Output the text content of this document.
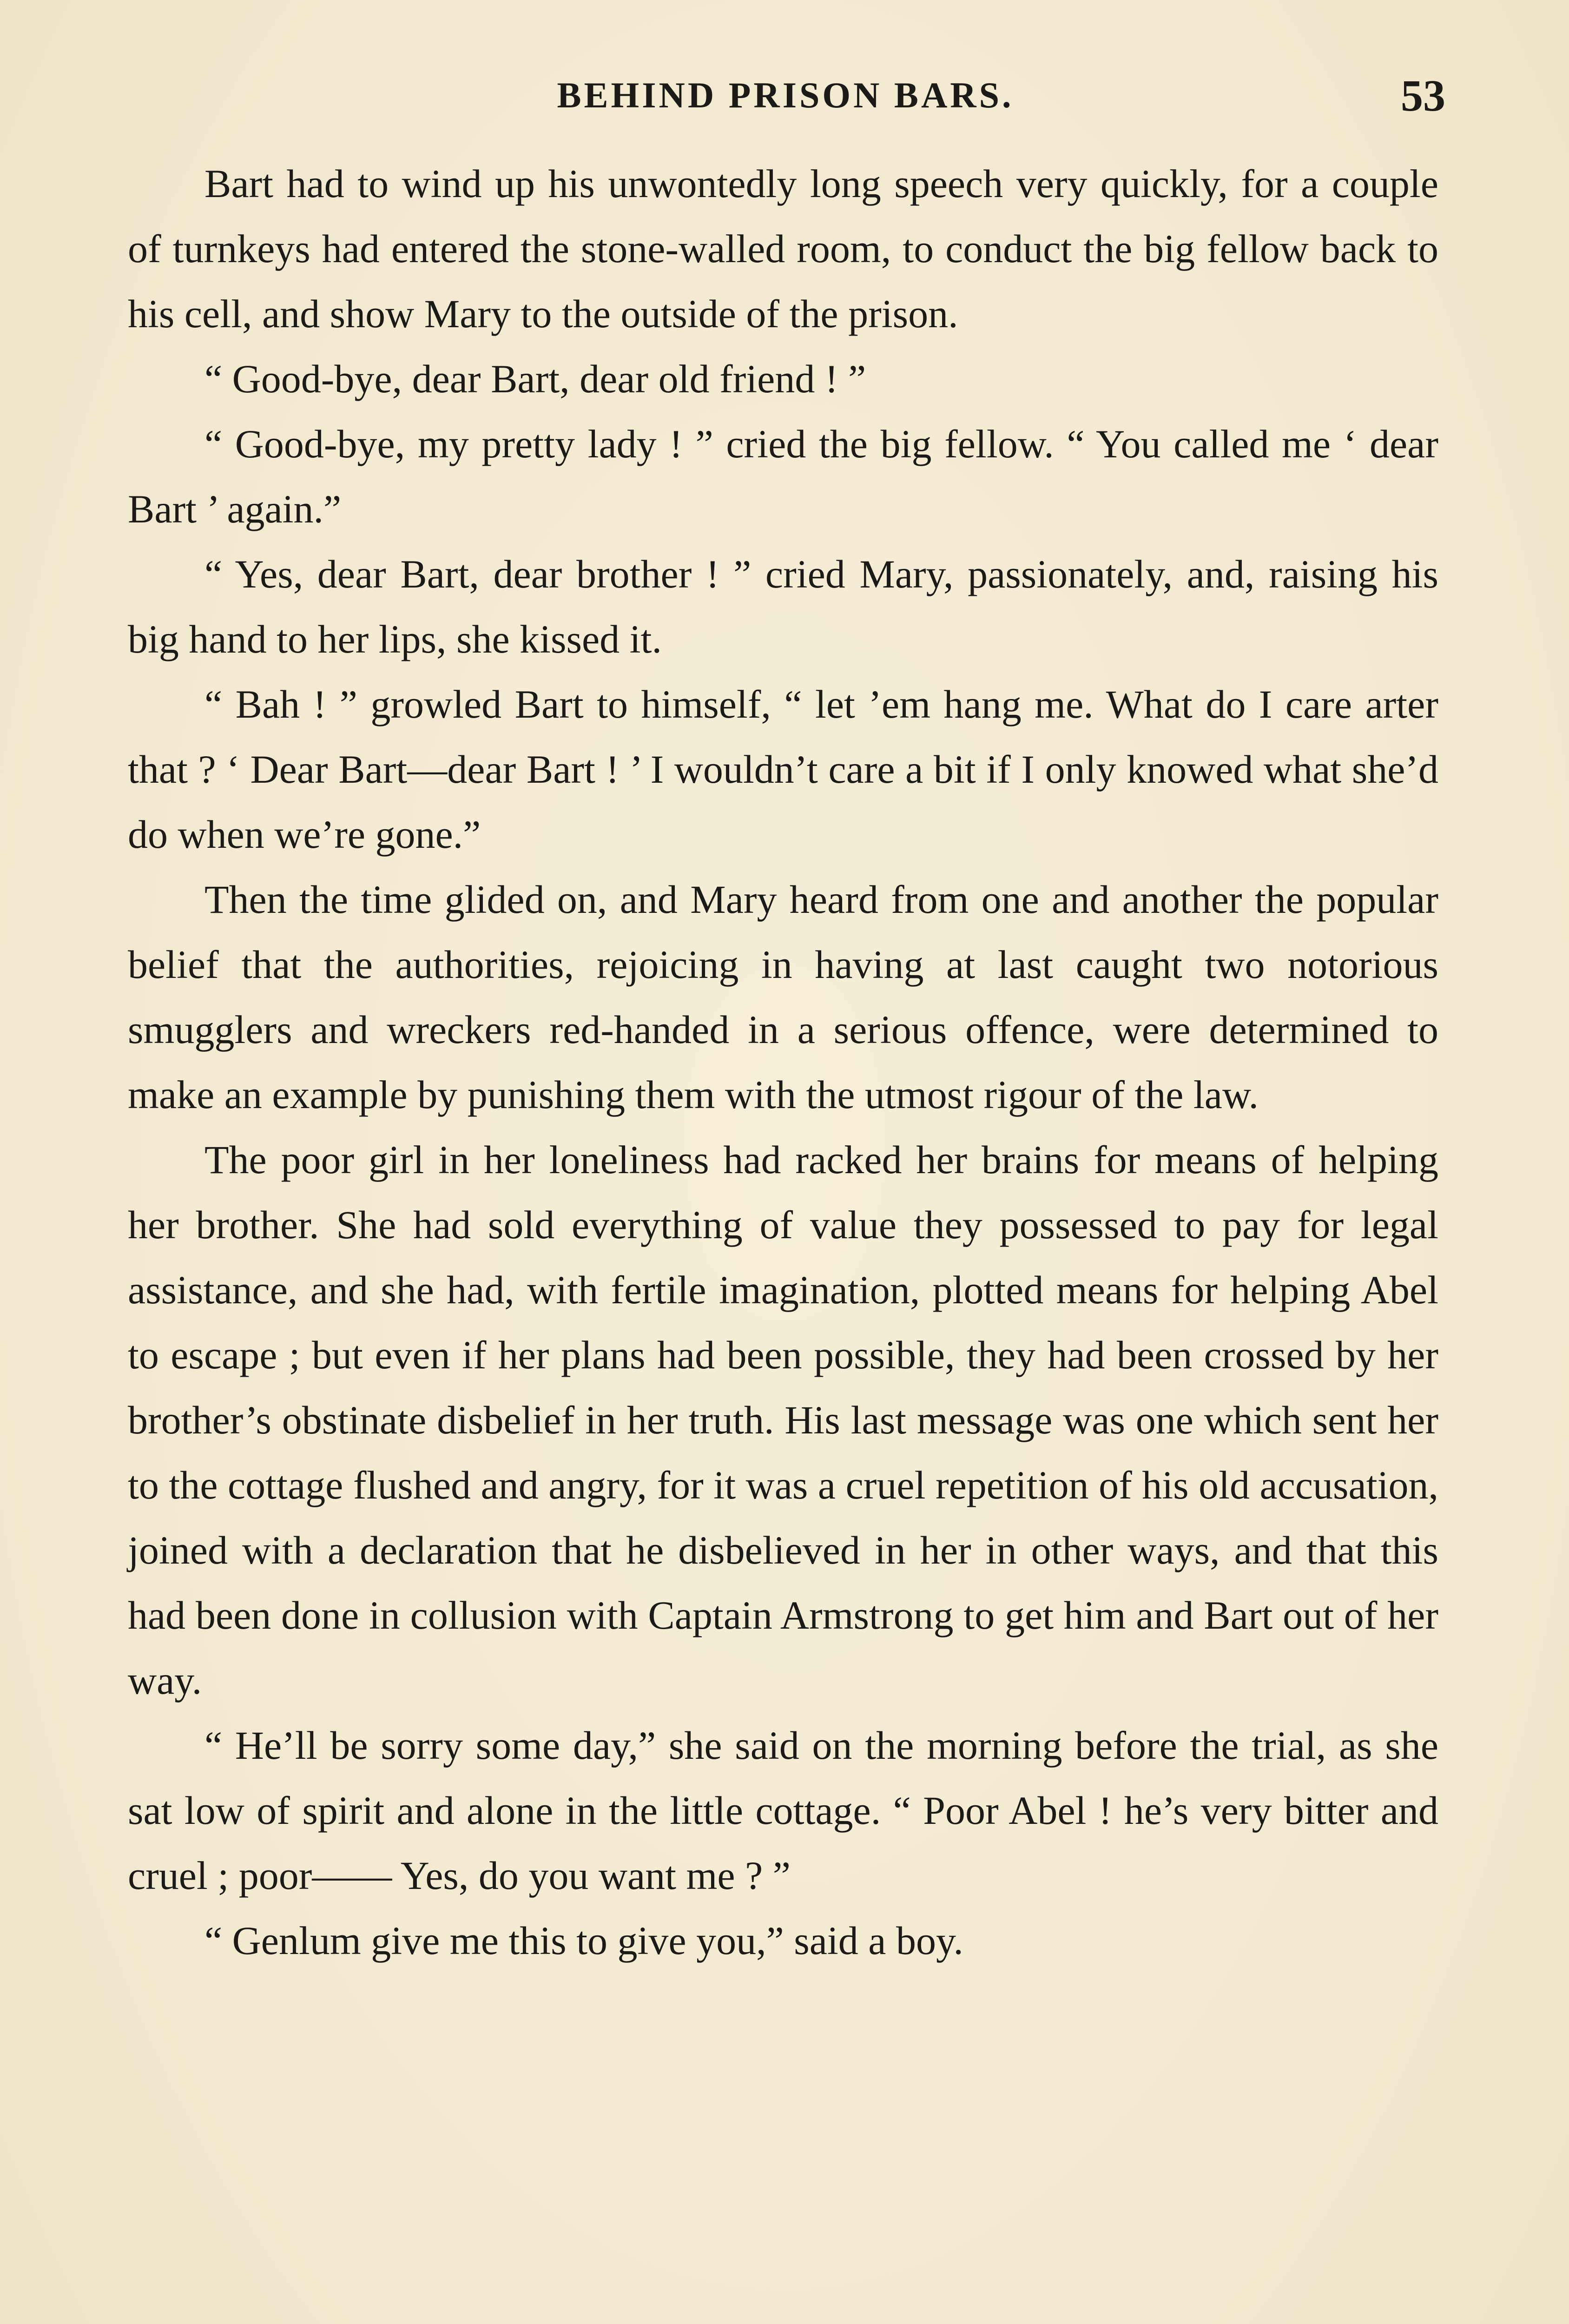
BEHIND PRISON BARS.	53

Bart had to wind up his unwontedly long speech very quickly, for a couple of turnkeys had entered the stone-walled room, to conduct the big fellow back to his cell, and show Mary to the outside of the prison.

“ Good-bye, dear Bart, dear old friend ! ”

“ Good-bye, my pretty lady ! ” cried the big fellow. “ You called me ‘ dear Bart ’ again.”

“ Yes, dear Bart, dear brother ! ” cried Mary, passionately, and, raising his big hand to her lips, she kissed it.

“ Bah ! ” growled Bart to himself, “ let ’em hang me. What do I care arter that ? ‘ Dear Bart—dear Bart ! ’ I wouldn’t care a bit if I only knowed what she’d do when we’re gone.”

Then the time glided on, and Mary heard from one and another the popular belief that the authorities, rejoicing in having at last caught two notorious smugglers and wreckers red-handed in a serious offence, were determined to make an example by punishing them with the utmost rigour of the law.

The poor girl in her loneliness had racked her brains for means of helping her brother. She had sold everything of value they possessed to pay for legal assistance, and she had, with fertile imagination, plotted means for helping Abel to escape ; but even if her plans had been possible, they had been crossed by her brother’s obstinate disbelief in her truth. His last message was one which sent her to the cottage flushed and angry, for it was a cruel repetition of his old accusation, joined with a declaration that he disbelieved in her in other ways, and that this had been done in collusion with Captain Armstrong to get him and Bart out of her way.

“ He’ll be sorry some day,” she said on the morning before the trial, as she sat low of spirit and alone in the little cottage. “ Poor Abel ! he’s very bitter and cruel ; poor—— Yes, do you want me ? ”

“ Genlum give me this to give you,” said a boy.
